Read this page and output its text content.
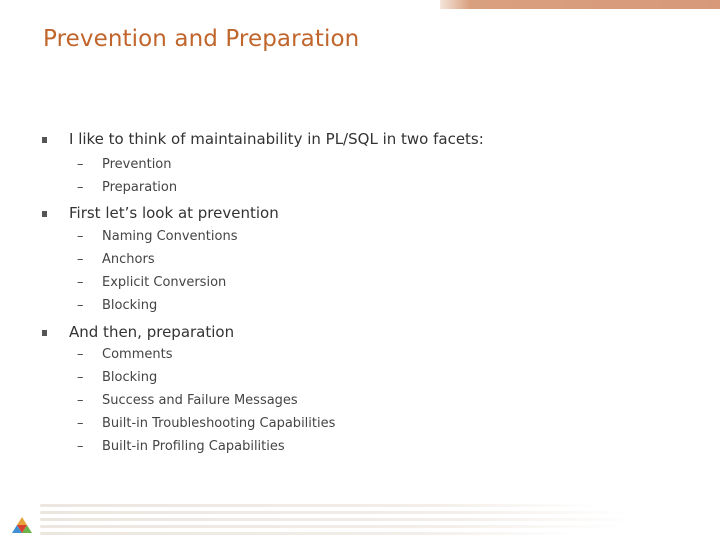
Prevention and Preparation
I like to think of maintainability in PL/SQL in two facets:
– Prevention
– Preparation
First let’s look at prevention
– Naming Conventions
– Anchors
– Explicit Conversion
– Blocking
And then, preparation
– Comments
– Blocking
– Success and Failure Messages
– Built-in Troubleshooting Capabilities
– Built-in Profiling Capabilities
